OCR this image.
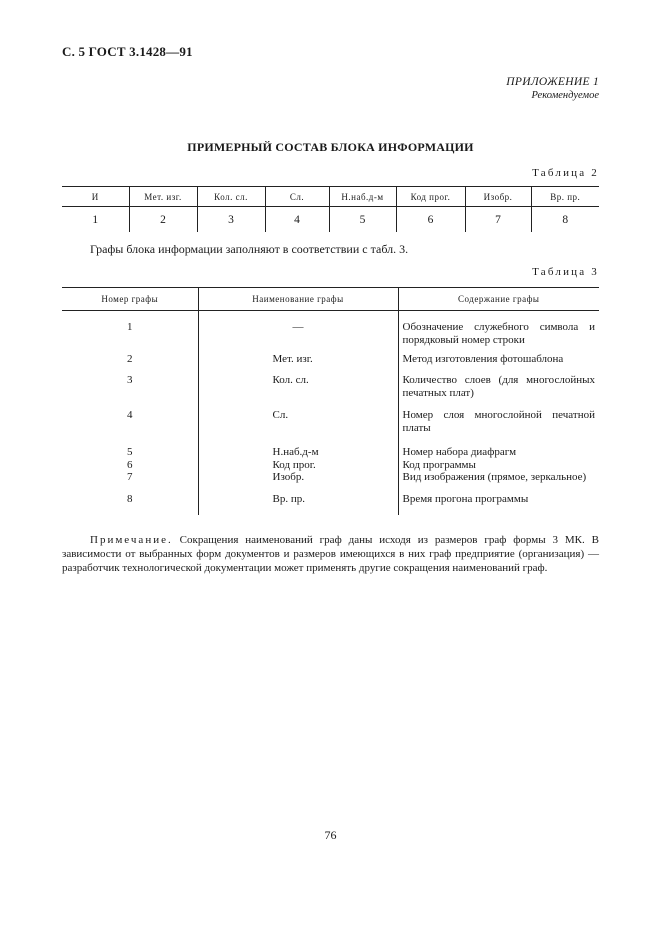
С. 5 ГОСТ 3.1428—91
ПРИЛОЖЕНИЕ 1
Рекомендуемое
ПРИМЕРНЫЙ СОСТАВ БЛОКА ИНФОРМАЦИИ
Таблица 2
И	Мет. изг.	Кол. сл.	Сл.	Н.наб.д-м	Код прог.	Изобр.	Вр. пр.
1	2	3	4	5	6	7	8
Графы блока информации заполняют в соответствии с табл. 3.
Таблица 3
Номер графы	Наименование графы	Содержание графы
1	—	Обозначение служебного символа и порядковый номер строки
2	Мет. изг.	Метод изготовления фотошаблона
3	Кол. сл.	Количество слоев (для многослойных печатных плат)
4	Сл.	Номер слоя многослойной печатной платы
5	Н.наб.д-м	Номер набора диафрагм
6	Код прог.	Код программы
7	Изобр.	Вид изображения (прямое, зеркальное)
8	Вр. пр.	Время прогона программы
Примечание. Сокращения наименований граф даны исходя из размеров граф формы 3 МК. В зависимости от выбранных форм документов и размеров имеющихся в них граф предприятие (организация) — разработчик технологической документации может применять другие сокращения наименований граф.
76
